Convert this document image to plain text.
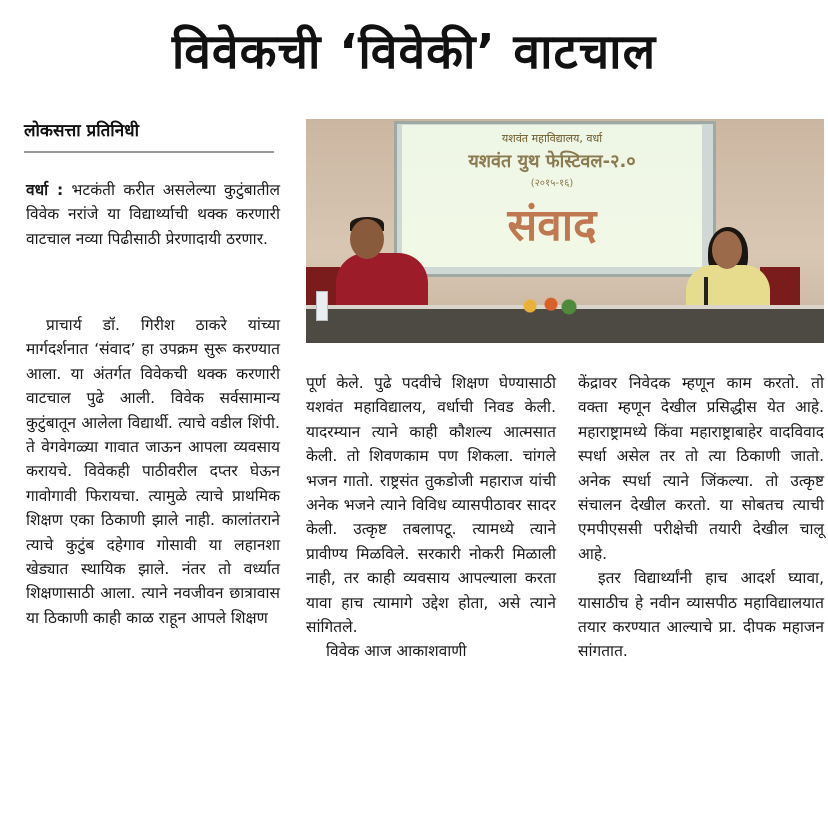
विवेकची ‘विवेकी’ वाटचाल
लोकसत्ता प्रतिनिधी

वर्धा : भटकंती करीत असलेल्या कुटुंबातील विवेक नरांजे या विद्यार्थ्याची थक्क करणारी वाटचाल नव्या पिढीसाठी प्रेरणादायी ठरणार.

प्राचार्य डॉ. गिरीश ठाकरे यांच्या मार्गदर्शनात ‘संवाद’ हा उपक्रम सुरू करण्यात आला. या अंतर्गत विवेकची थक्क करणारी वाटचाल पुढे आली. विवेक सर्वसामान्य कुटुंबातून आलेला विद्यार्थी. त्याचे वडील शिंपी. ते वेगवेगळ्या गावात जाऊन आपला व्यवसाय करायचे. विवेकही पाठीवरील दप्तर घेऊन गावोगावी फिरायचा. त्यामुळे त्याचे प्राथमिक शिक्षण एका ठिकाणी झाले नाही. कालांतराने त्याचे कुटुंब दहेगाव गोसावी या लहानशा खेड्यात स्थायिक झाले. नंतर तो वर्ध्यात शिक्षणासाठी आला. त्याने नवजीवन छात्रावास या ठिकाणी काही काळ राहून आपले शिक्षण

यशवंत महाविद्यालय, वर्धा
यशवंत युथ फेस्टिवल-२.०
(२०१५-१६)
संवाद

पूर्ण केले. पुढे पदवीचे शिक्षण घेण्यासाठी यशवंत महाविद्यालय, वर्धाची निवड केली. यादरम्यान त्याने काही कौशल्य आत्मसात केली. तो शिवणकाम पण शिकला. चांगले भजन गातो. राष्ट्रसंत तुकडोजी महाराज यांची अनेक भजने त्याने विविध व्यासपीठावर सादर केली. उत्कृष्ट तबलापटू. त्यामध्ये त्याने प्रावीण्य मिळविले. सरकारी नोकरी मिळाली नाही, तर काही व्यवसाय आपल्याला करता यावा हाच त्यामागे उद्देश होता, असे त्याने सांगितले.

विवेक आज आकाशवाणी

केंद्रावर निवेदक म्हणून काम करतो. तो वक्ता म्हणून देखील प्रसिद्धीस येत आहे. महाराष्ट्रामध्ये किंवा महाराष्ट्राबाहेर वादविवाद स्पर्धा असेल तर तो त्या ठिकाणी जातो. अनेक स्पर्धा त्याने जिंकल्या. तो उत्कृष्ट संचालन देखील करतो. या सोबतच त्याची एमपीएससी परीक्षेची तयारी देखील चालू आहे.

इतर विद्यार्थ्यांनी हाच आदर्श घ्यावा, यासाठीच हे नवीन व्यासपीठ महाविद्यालयात तयार करण्यात आल्याचे प्रा. दीपक महाजन सांगतात.
